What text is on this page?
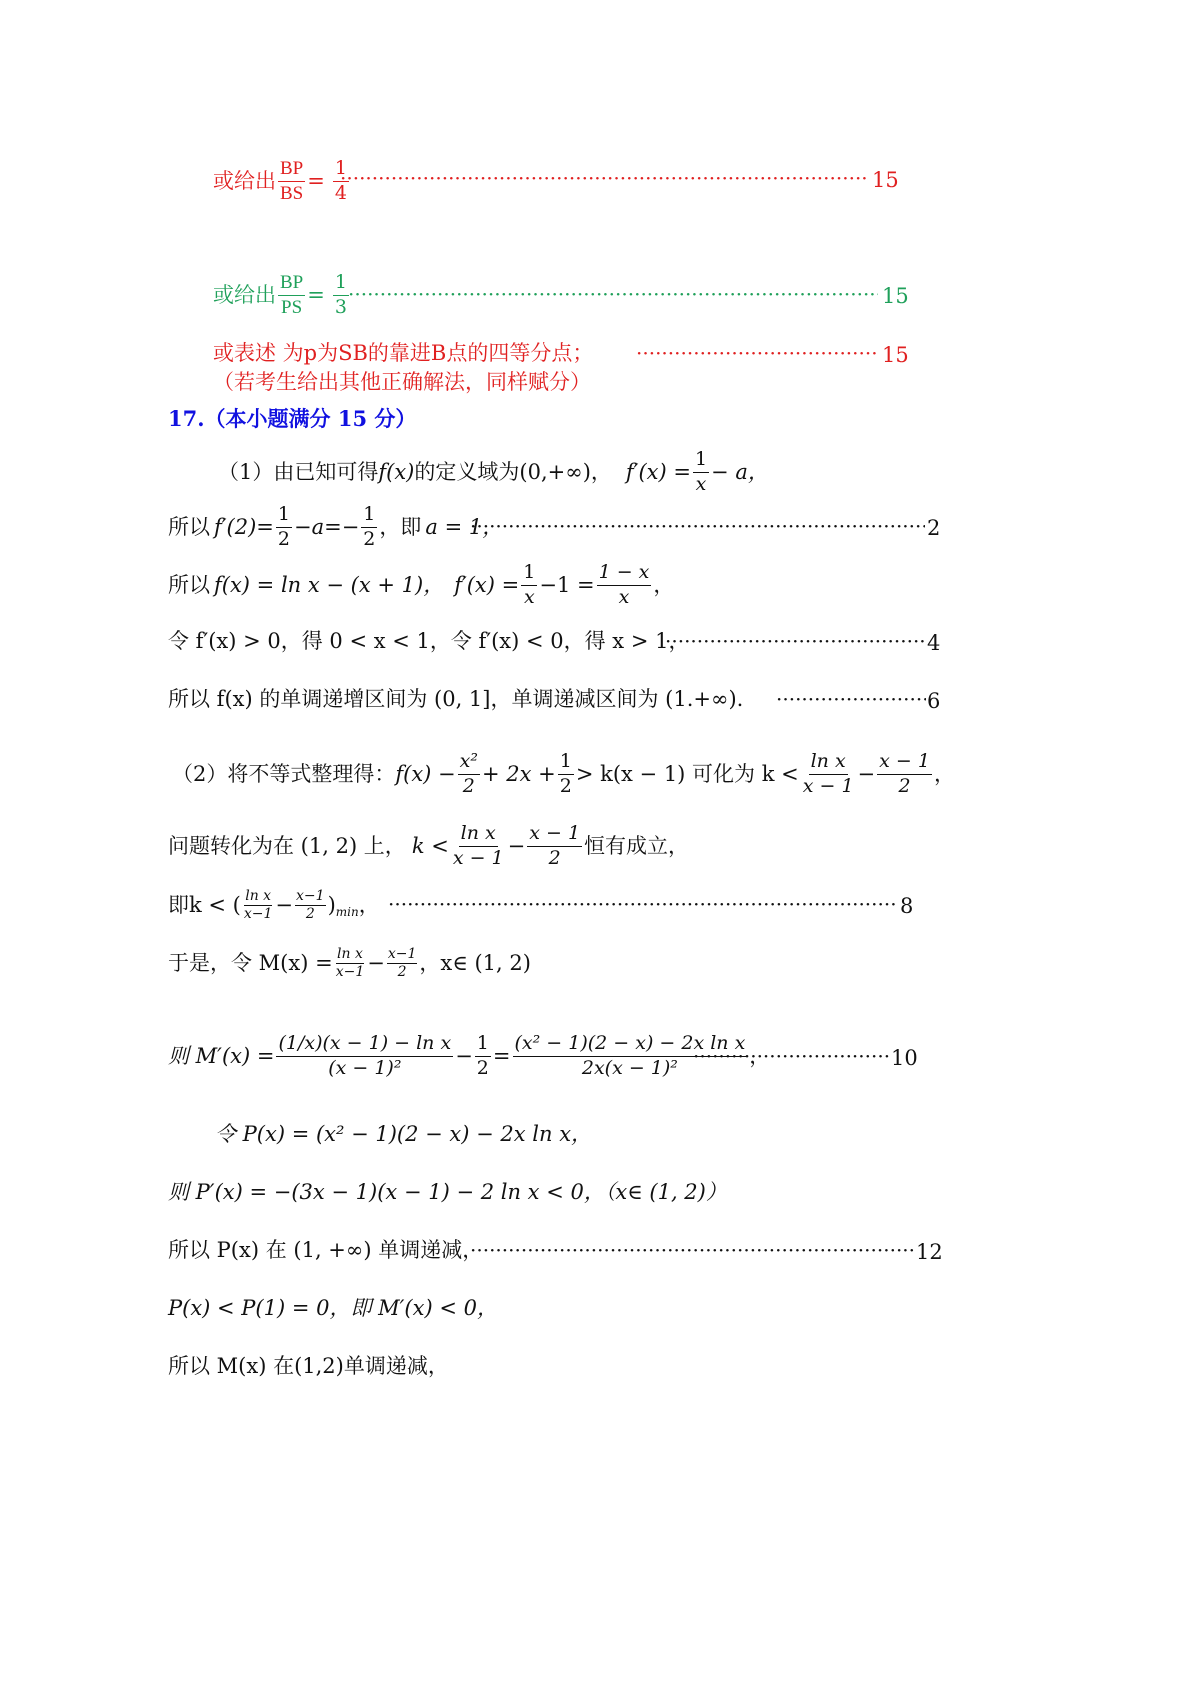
或给出 $\frac{BP}{BS} = \frac{1}{4}$ ·····	15
或给出 $\frac{BP}{PS} = \frac{1}{3}$ ·····	15
或表述 为p为SB的靠进B点的四等分点； ·····	15
（若考生给出其他正确解法，同样赋分）
17.（本小题满分 15 分）
（1）由已知可得 f(x) 的定义域为 (0,+∞)， $f'(x) = \frac{1}{x} - a$，
所以 $f'(2)= \frac{1}{2} -a=- \frac{1}{2}$ ，即 a = 1， ·····	2
所以 f(x) = ln x − (x + 1)， $f'(x) = \frac{1}{x} -1 = \frac{1 - x}{x}$ ，
令 f′(x) > 0，得 0 < x < 1，令 f′(x) < 0，得 x > 1， ·····	4
所以 f(x) 的单调递增区间为 (0, 1]，单调递减区间为 (1.+∞). ·····	6
（2）将不等式整理得： $f(x) - \frac{\text{x²}}{2} + 2x + \frac{1}{2} > k(x - 1)$ 可化为 $k < \frac{\text{ln x}}{x - 1} - \frac{x - 1}{2}$ ，
问题转化为在 (1, 2) 上， $k < \frac{\text{ln x}}{x - 1} - \frac{x - 1}{2}$ 恒有成立，
即k < ( $\frac{\text{ln x}}{x-1} - \frac{x-1}{2}$ ) min ， ·····	8
于是，令 $M(x) = \frac{\text{ln x}}{x-1} - \frac{x-1}{2}$ ，x∈ (1, 2)
则 $M'(x) = \frac{\text{(1/x)(x − 1) − ln x}}{\text{(x − 1)²}} - \frac{1}{2} = \frac{\text{(x² − 1)(2 − x) − 2x ln x}}{\text{2x(x − 1)²}}$ ， ·····	10
令 P(x) = (x² − 1)(2 − x) − 2x ln x，
则 P′(x) = −(3x − 1)(x − 1) − 2 ln x < 0，（x∈ (1, 2)）
所以 P(x) 在 (1, +∞) 单调递减， ·····	12
P(x) < P(1) = 0，即 M′(x) < 0，
所以 M(x) 在(1,2)单调递减，
